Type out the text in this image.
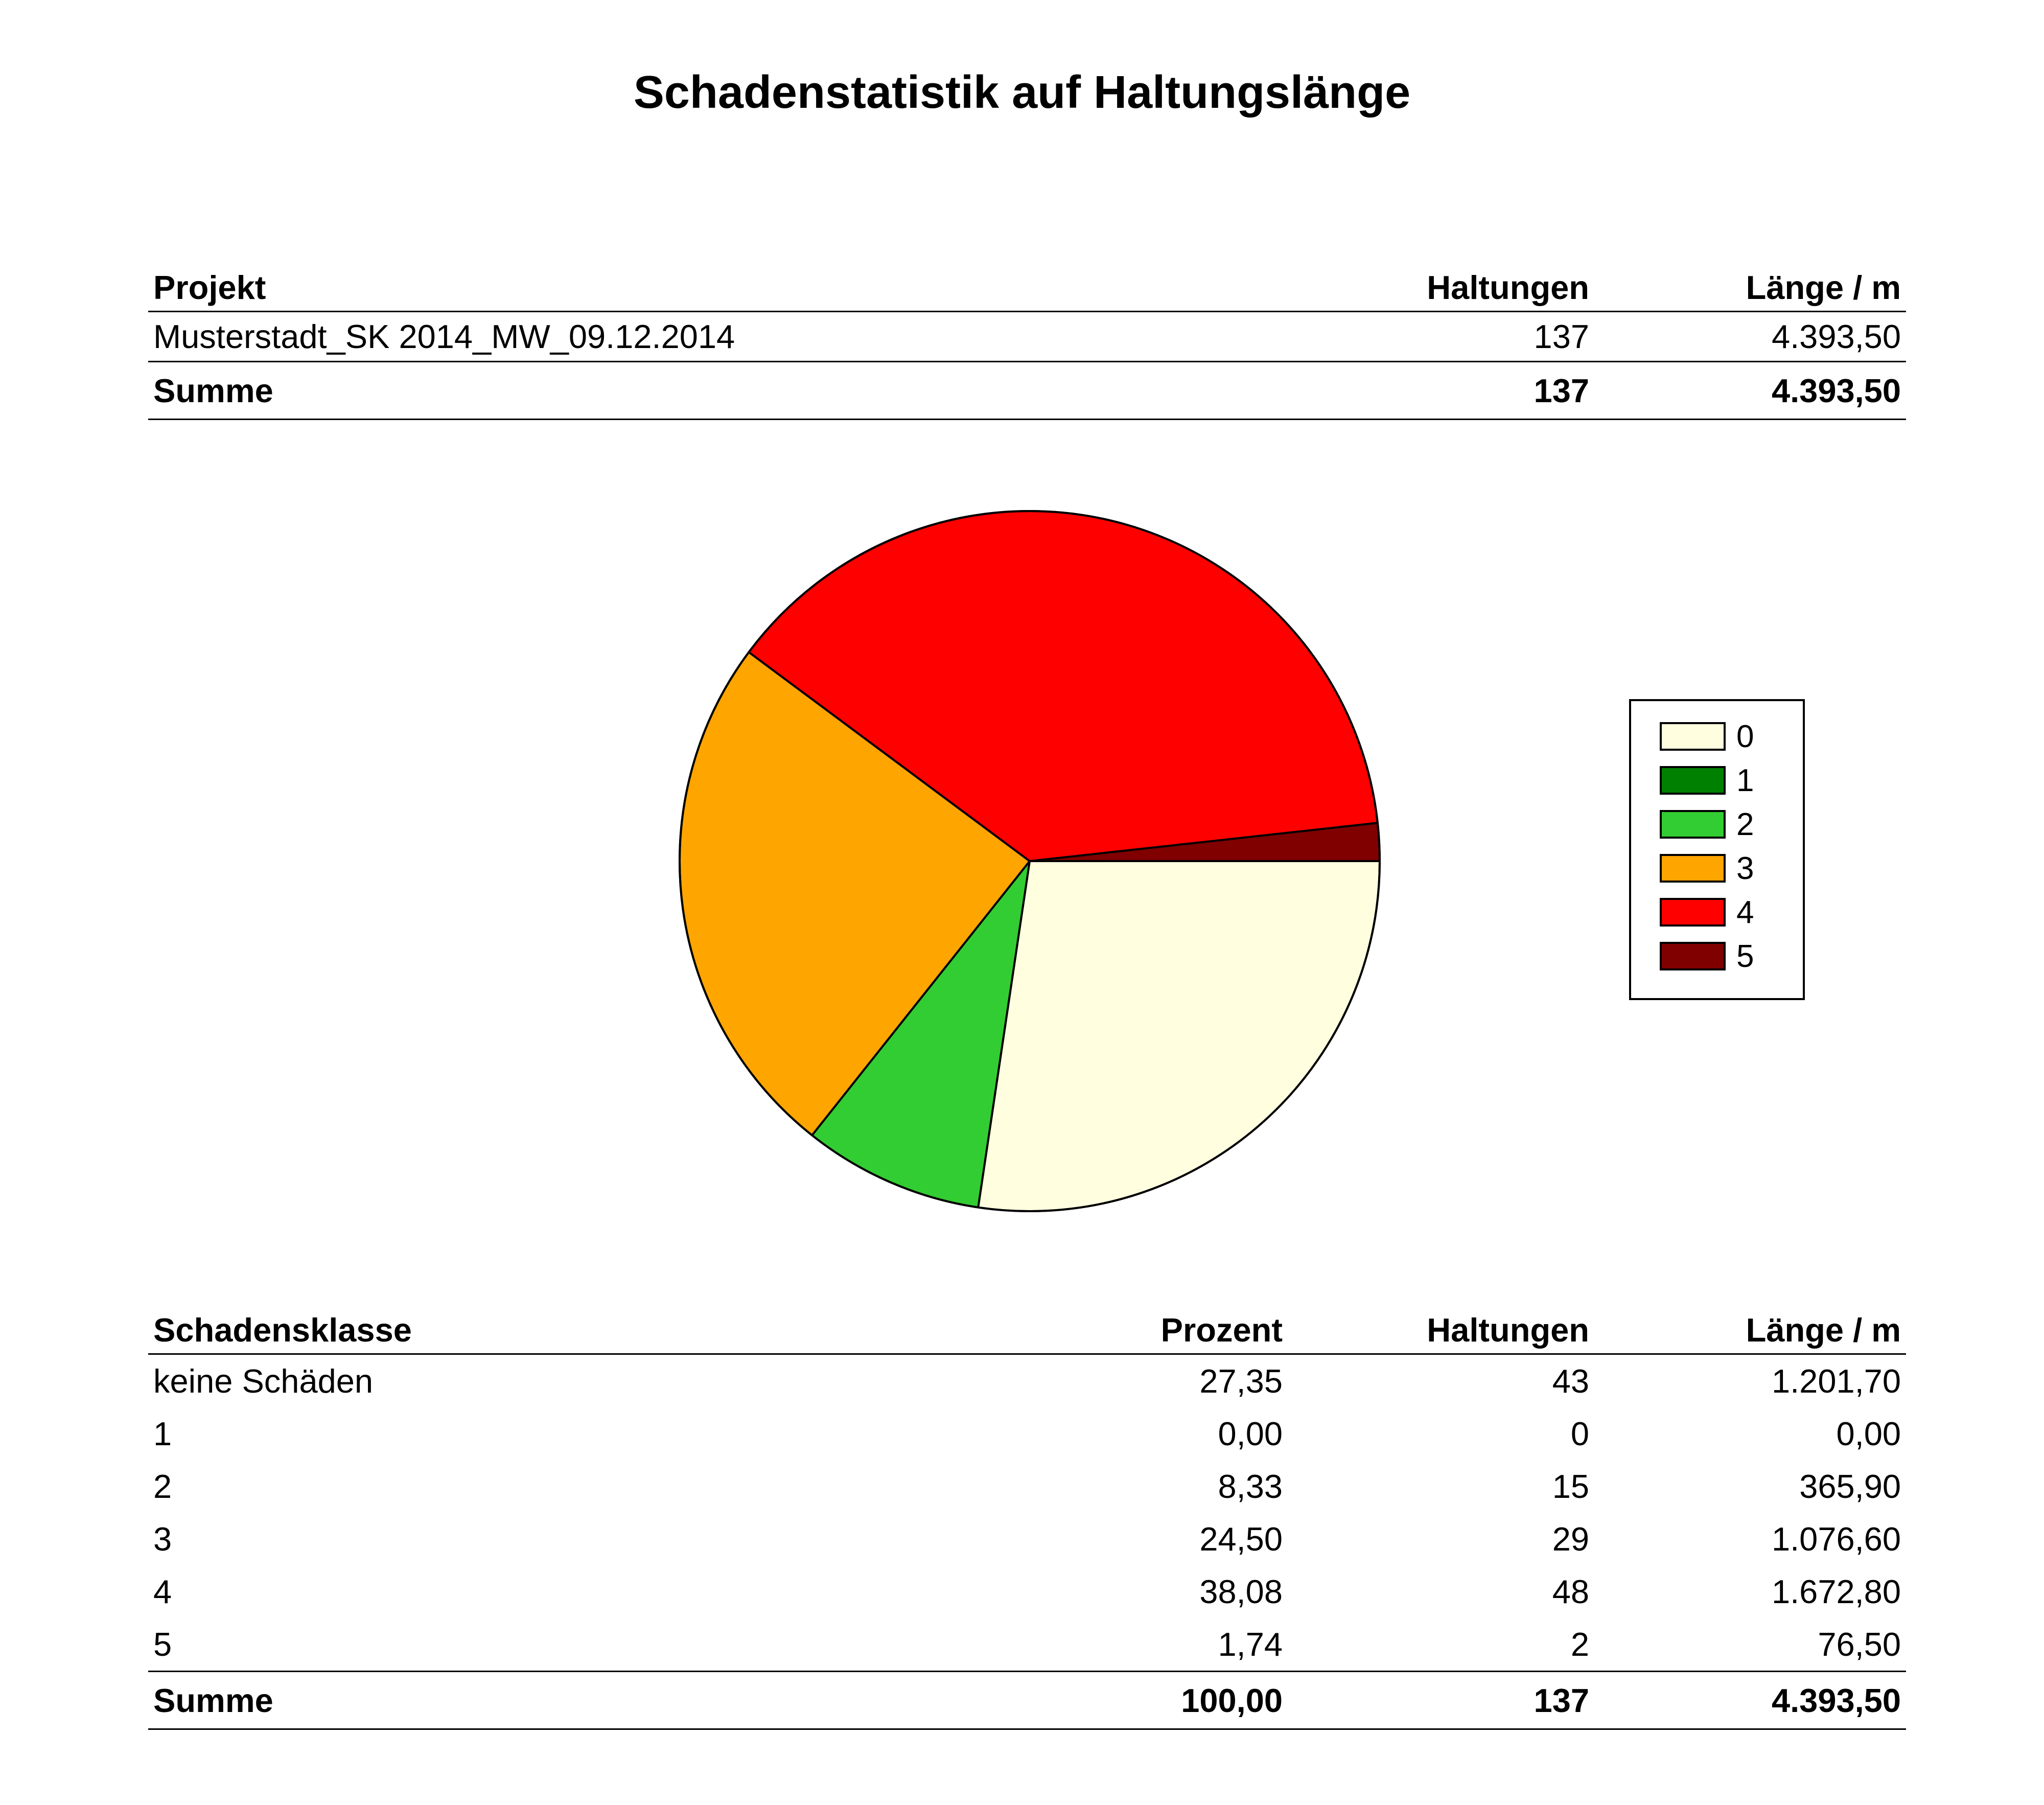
Schadenstatistik auf Haltungslänge
Projekt	Haltungen	Länge / m
Musterstadt_SK 2014_MW_09.12.2014	137	4.393,50
Summe	137	4.393,50
0
1
2
3
4
5
Schadensklasse	Prozent	Haltungen	Länge / m
keine Schäden	27,35	43	1.201,70
1	0,00	0	0,00
2	8,33	15	365,90
3	24,50	29	1.076,60
4	38,08	48	1.672,80
5	1,74	2	76,50
Summe	100,00	137	4.393,50
